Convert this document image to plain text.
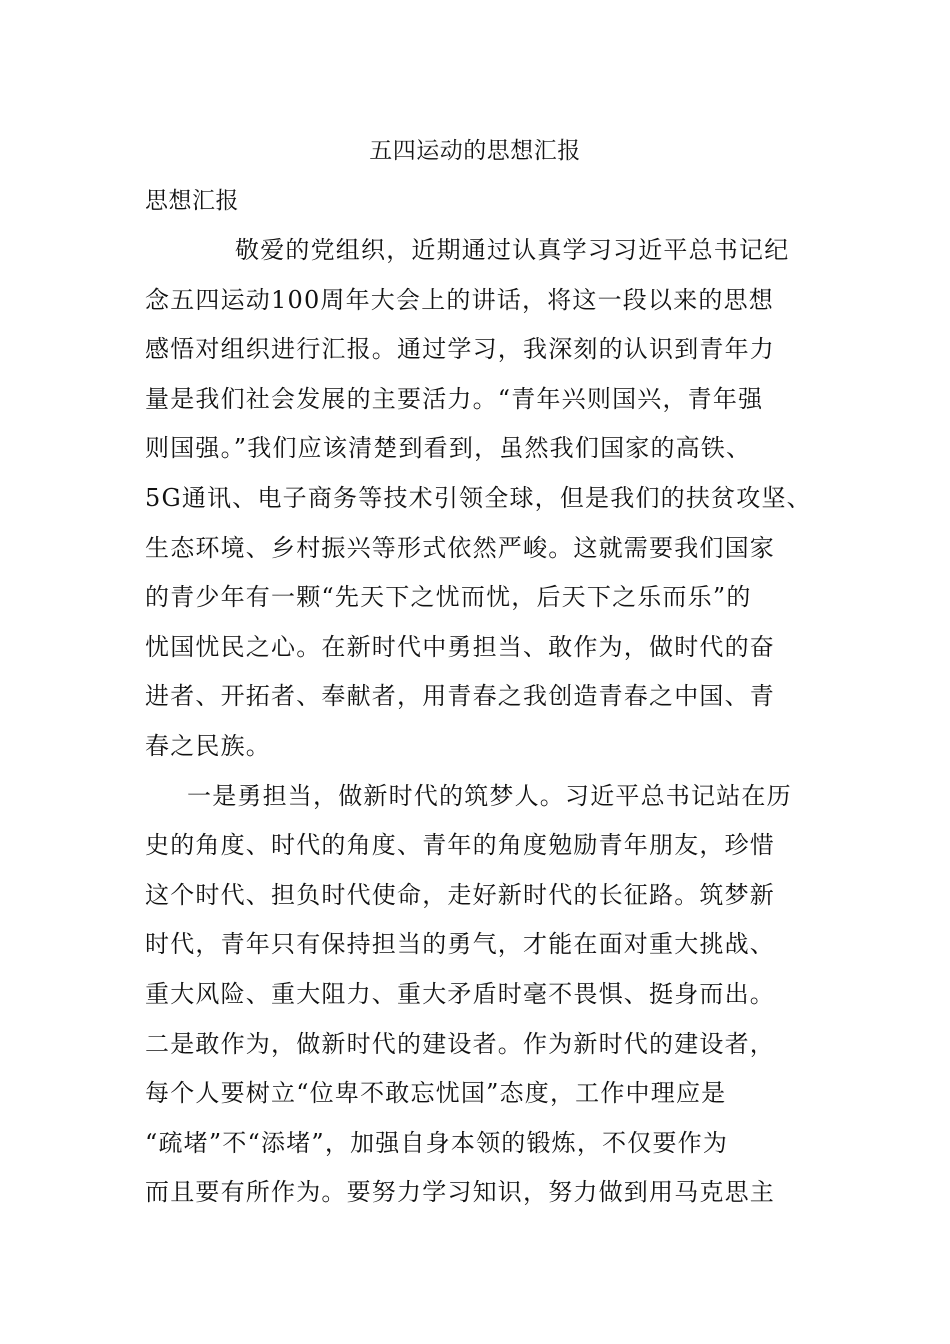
五四运动的思想汇报
思想汇报
敬爱的党组织，近期通过认真学习习近平总书记纪
念五四运动100周年大会上的讲话，将这一段以来的思想
感悟对组织进行汇报。通过学习，我深刻的认识到青年力
量是我们社会发展的主要活力。“青年兴则国兴，青年强
则国强。”我们应该清楚到看到，虽然我们国家的高铁、
5G通讯、电子商务等技术引领全球，但是我们的扶贫攻坚、
生态环境、乡村振兴等形式依然严峻。这就需要我们国家
的青少年有一颗“先天下之忧而忧，后天下之乐而乐”的
忧国忧民之心。在新时代中勇担当、敢作为，做时代的奋
进者、开拓者、奉献者，用青春之我创造青春之中国、青
春之民族。
一是勇担当，做新时代的筑梦人。习近平总书记站在历
史的角度、时代的角度、青年的角度勉励青年朋友，珍惜
这个时代、担负时代使命，走好新时代的长征路。筑梦新
时代，青年只有保持担当的勇气，才能在面对重大挑战、
重大风险、重大阻力、重大矛盾时毫不畏惧、挺身而出。
二是敢作为，做新时代的建设者。作为新时代的建设者，
每个人要树立“位卑不敢忘忧国”态度，工作中理应是
“疏堵”不“添堵”，加强自身本领的锻炼，不仅要作为
而且要有所作为。要努力学习知识，努力做到用马克思主
